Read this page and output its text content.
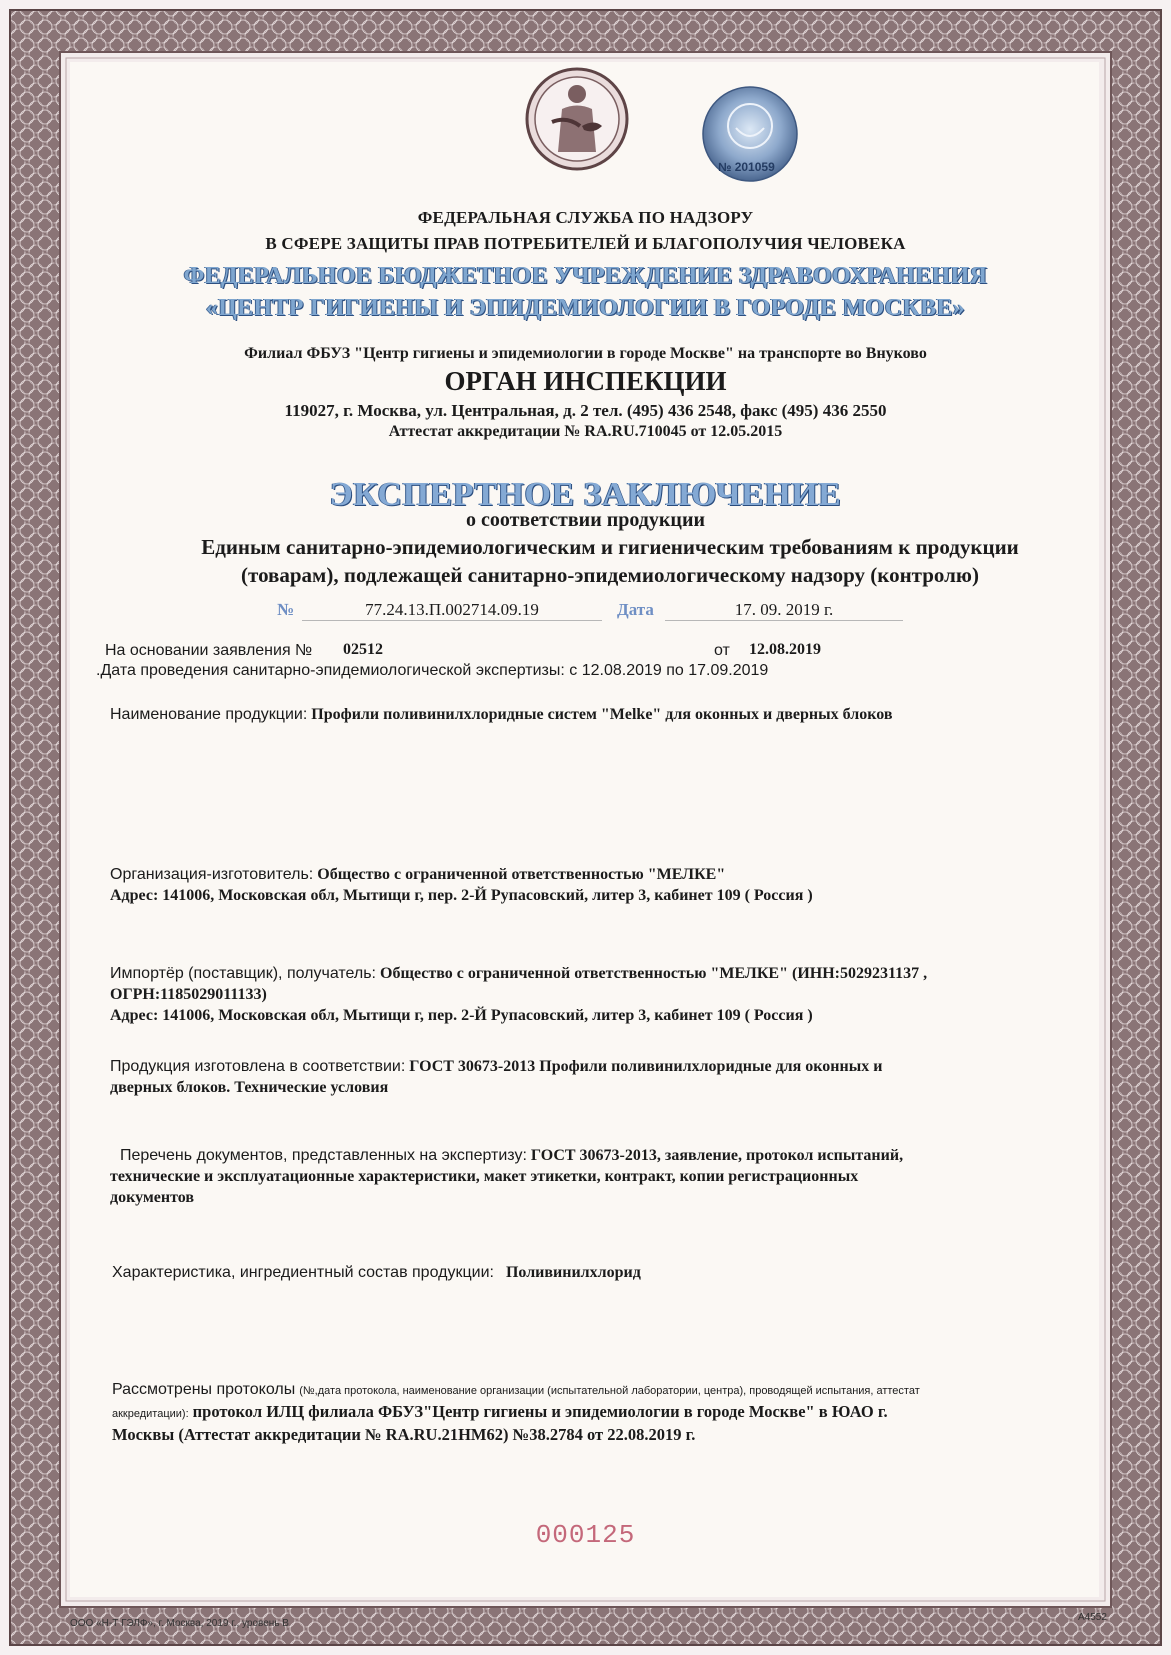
№ 201059
ФЕДЕРАЛЬНАЯ СЛУЖБА ПО НАДЗОРУ
В СФЕРЕ ЗАЩИТЫ ПРАВ ПОТРЕБИТЕЛЕЙ И БЛАГОПОЛУЧИЯ ЧЕЛОВЕКА
ФЕДЕРАЛЬНОЕ БЮДЖЕТНОЕ УЧРЕЖДЕНИЕ ЗДРАВООХРАНЕНИЯ
«ЦЕНТР ГИГИЕНЫ И ЭПИДЕМИОЛОГИИ В ГОРОДЕ МОСКВЕ»
Филиал ФБУЗ "Центр гигиены и эпидемиологии в городе Москве" на транспорте во Внуково
ОРГАН ИНСПЕКЦИИ
119027, г. Москва, ул. Центральная, д. 2 тел. (495) 436 2548, факс (495) 436 2550
Аттестат аккредитации № RA.RU.710045 от 12.05.2015
ЭКСПЕРТНОЕ ЗАКЛЮЧЕНИЕ
о соответствии продукции
Единым санитарно-эпидемиологическим и гигиеническим требованиям к продукции
(товарам), подлежащей санитарно-эпидемиологическому надзору (контролю)
№	77.24.13.П.002714.09.19	Дата	17. 09. 2019 г.
На основании заявления № 02512	от 12.08.2019
.Дата проведения санитарно-эпидемиологической экспертизы: с 12.08.2019 по 17.09.2019
Наименование продукции: Профили поливинилхлоридные систем "Melke" для оконных и дверных блоков
Организация-изготовитель: Общество с ограниченной ответственностью "МЕЛКЕ"
Адрес: 141006, Московская обл, Мытищи г, пер. 2-Й Рупасовский, литер 3, кабинет 109 ( Россия )
Импортёр (поставщик), получатель: Общество с ограниченной ответственностью "МЕЛКЕ" (ИНН:5029231137 ,
ОГРН:1185029011133)
Адрес: 141006, Московская обл, Мытищи г, пер. 2-Й Рупасовский, литер 3, кабинет 109 ( Россия )
Продукция изготовлена в соответствии: ГОСТ 30673-2013 Профили поливинилхлоридные для оконных и
дверных блоков. Технические условия
Перечень документов, представленных на экспертизу: ГОСТ 30673-2013, заявление, протокол испытаний,
технические и эксплуатационные характеристики, макет этикетки, контракт, копии регистрационных
документов
Характеристика, ингредиентный состав продукции: Поливинилхлорид
Рассмотрены протоколы (№,дата протокола, наименование организации (испытательной лаборатории, центра), проводящей испытания, аттестат
аккредитации): протокол ИЛЦ филиала ФБУЗ"Центр гигиены и эпидемиологии в городе Москве" в ЮАО г.
Москвы (Аттестат аккредитации № RA.RU.21HM62) №38.2784 от 22.08.2019 г.
000125
ООО «Н-Т ГЭЛФ», г. Москва, 2019 г., уровень В
А4552
